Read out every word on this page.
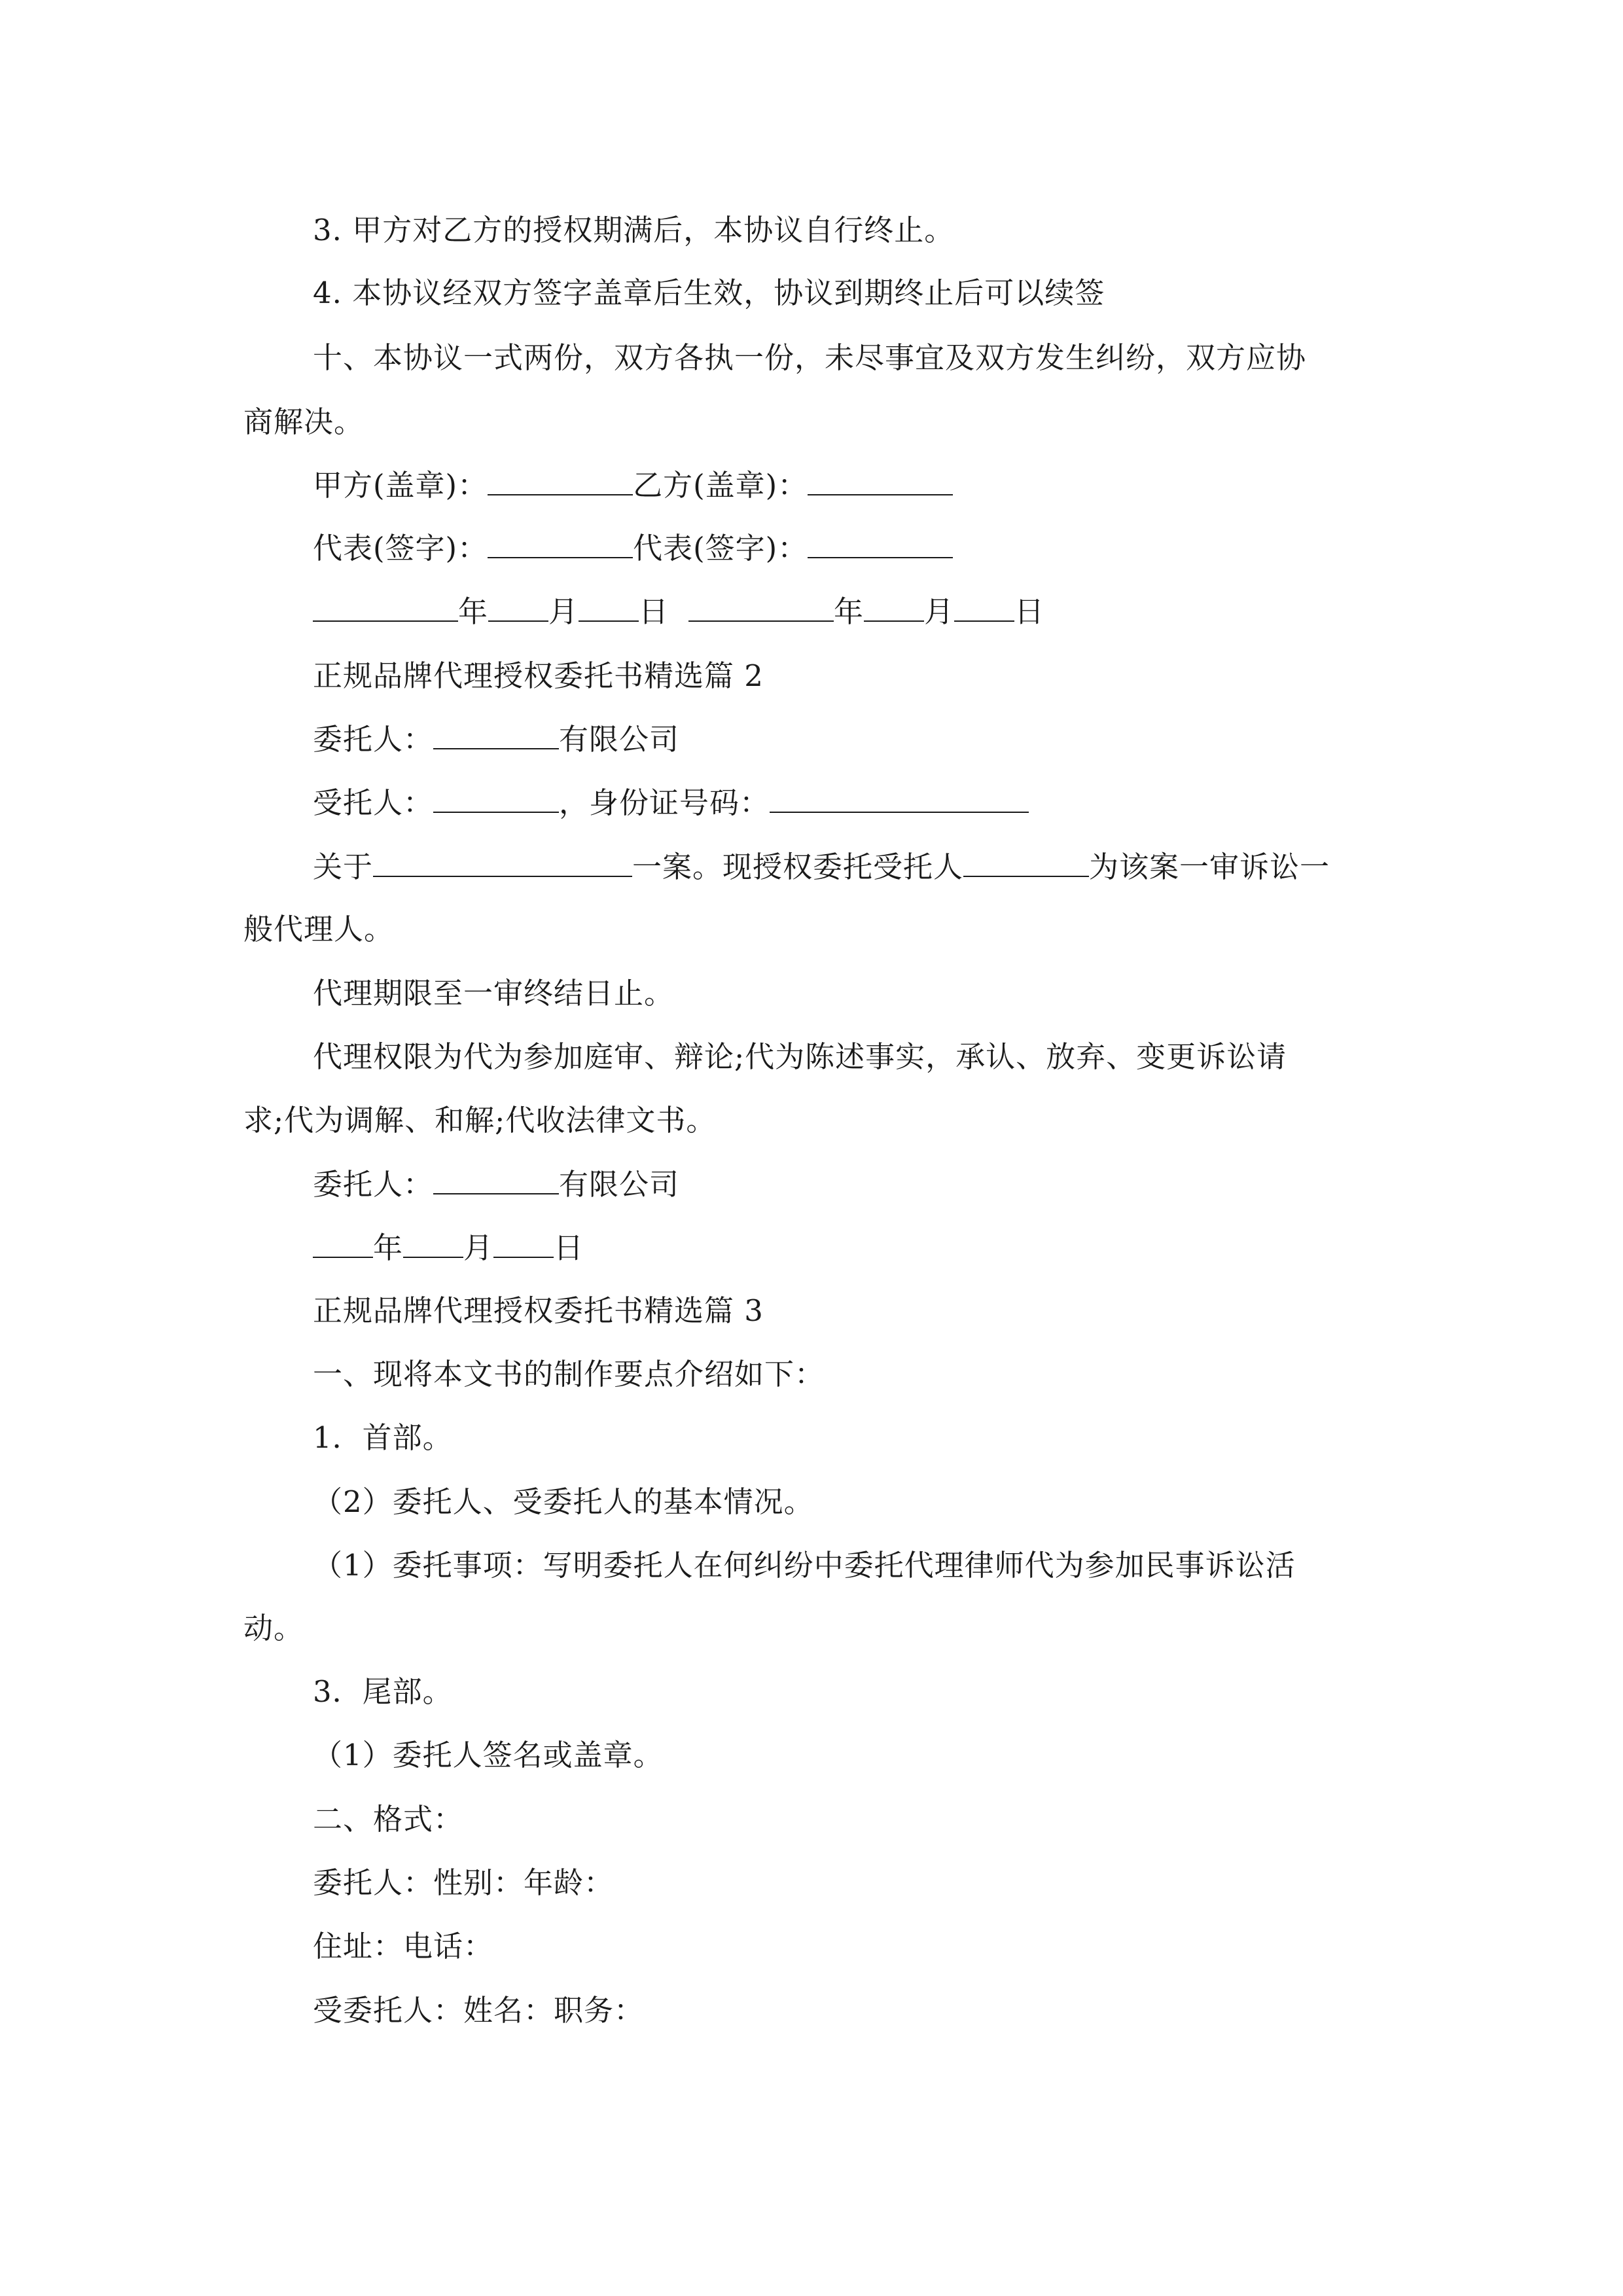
3. 甲方对乙方的授权期满后，本协议自行终止。
4. 本协议经双方签字盖章后生效，协议到期终止后可以续签
十、本协议一式两份，双方各执一份，未尽事宜及双方发生纠纷，双方应协
商解决。
甲方(盖章)：	乙方(盖章)：
代表(签字)：	代表(签字)：
年 月 日	年 月 日
正规品牌代理授权委托书精选篇 2
委托人：	有限公司
受托人：	，身份证号码：
关于	一案。现授权委托受托人	为该案一审诉讼一
般代理人。
代理期限至一审终结日止。
代理权限为代为参加庭审、辩论;代为陈述事实，承认、放弃、变更诉讼请
求;代为调解、和解;代收法律文书。
委托人：	有限公司
年 月 日
正规品牌代理授权委托书精选篇 3
一、现将本文书的制作要点介绍如下：
1．首部。
（2）委托人、受委托人的基本情况。
（1）委托事项：写明委托人在何纠纷中委托代理律师代为参加民事诉讼活
动。
3．尾部。
（1）委托人签名或盖章。
二、格式：
委托人：性别：年龄：
住址：电话：
受委托人：姓名：职务：
